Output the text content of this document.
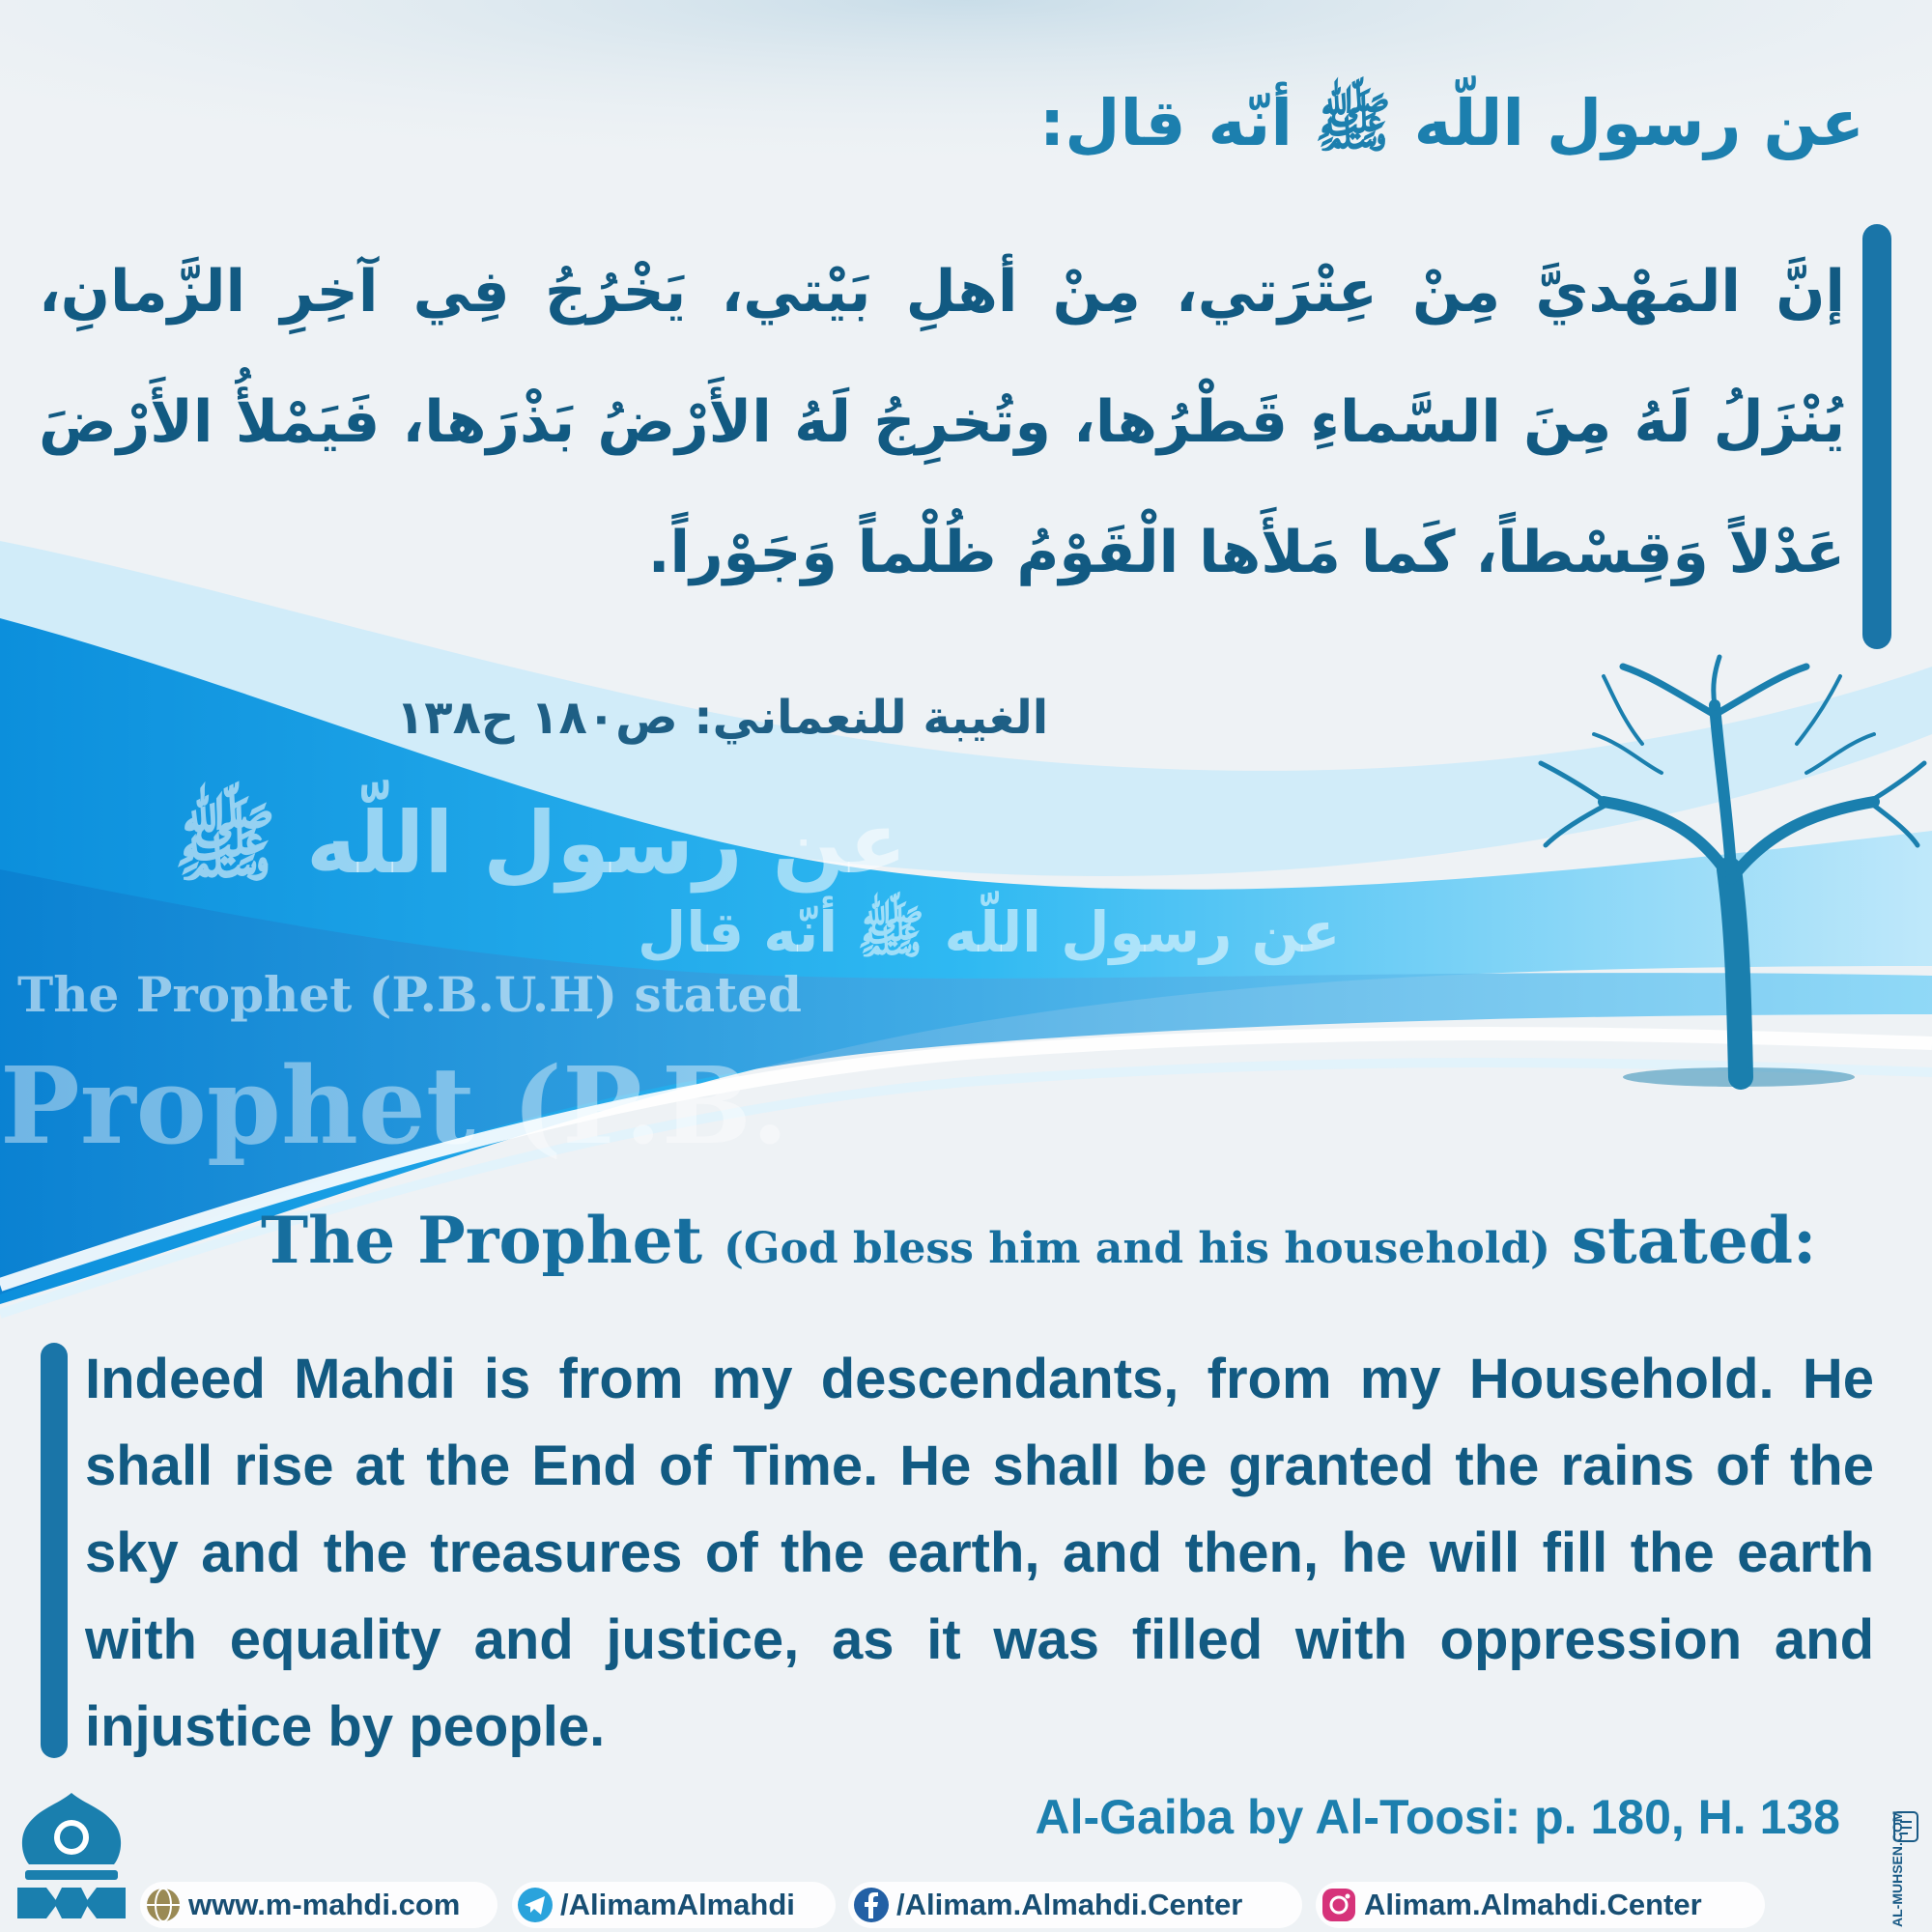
عن رسول اللّه ﷺ أنّه قال:
إنَّ المَهْديَّ مِنْ عِتْرَتي، مِنْ أهلِ بَيْتي، يَخْرُجُ فِي آخِرِ الزَّمانِ، يُنْزَلُ لَهُ مِنَ السَّماءِ قَطْرُها، وتُخرِجُ لَهُ الأَرْضُ بَذْرَها، فَيَمْلأُ الأَرْضَ عَدْلاً وَقِسْطاً، كَما مَلأَها الْقَوْمُ ظُلْماً وَجَوْراً.
الغيبة للنعماني: ص١٨٠ ح١٣٨
عن رسول اللّه ﷺ
عن رسول اللّه ﷺ أنّه قال
The Prophet (P.B.U.H) stated
Prophet (P.B.
The Prophet (God bless him and his household) stated:
Indeed Mahdi is from my descendants, from my Household. He shall rise at the End of Time. He shall be granted the rains of the sky and the treasures of the earth, and then, he will fill the earth with equality and justice, as it was filled with oppression and injustice by people.
Al-Gaiba by Al-Toosi: p. 180, H. 138
www.m-mahdi.com	/AlimamAlmahdi	/Alimam.Almahdi.Center	Alimam.Almahdi.Center	AL-MUHSEN.COM
